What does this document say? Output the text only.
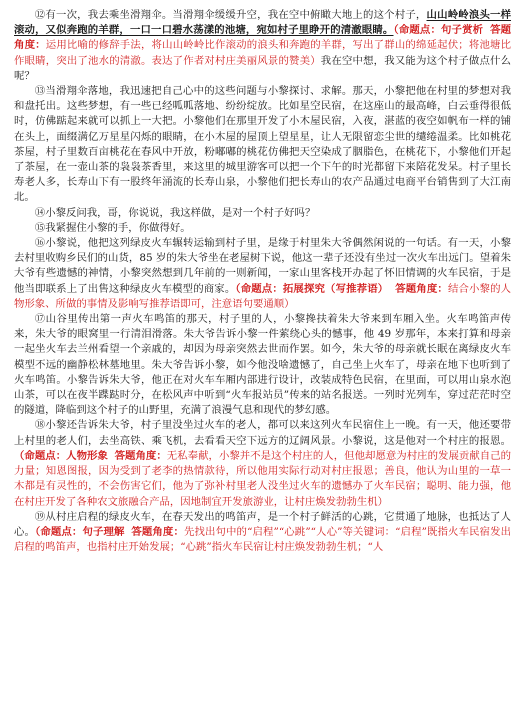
⑫有一次，我去乘坐滑翔伞。当滑翔伞缓缓升空，我在空中俯瞰大地上的这个村子，山山岭岭浪头一样滚动，又似奔跑的羊群，一口一口碧水荡漾的池塘，宛如村子里睁开的清澈眼睛。（命题点：句子赏析 答题角度：运用比喻的修辞手法，将山山岭岭比作滚动的浪头和奔跑的羊群，写出了群山的绵延起伏；将池塘比作眼睛，突出了池水的清澈。表达了作者对村庄美丽风景的赞美）我在空中想，我又能为这个村子做点什么呢？

⑬当滑翔伞落地，我迅速把自己心中的这些问题与小黎探讨、求解。那天，小黎把他在村里的梦想对我和盘托出。这些梦想，有一些已经呱呱落地、纷纷绽放。比如星空民宿，在这座山的最高峰，白云垂得很低时，仿佛踮起来就可以抓上一大把。小黎他们在那里开发了小木屋民宿，入夜，湛蓝的夜空如帆布一样的铺在头上，面缀满亿万星星闪烁的眼睛，在小木屋的屋顶上望星星，让人无限留恋尘世的缱绻温柔。比如桃花茶屋，村子里数百亩桃花在春风中开放，粉嘟嘟的桃花仿佛把天空染成了胭脂色，在桃花下，小黎他们开起了茶屋，在一壶山茶的袅袅茶香里，来这里的城里游客可以把一个下午的时光都留下来陪花发呆。村子里长寿老人多，长寿山下有一股终年涌流的长寿山泉，小黎他们把长寿山的农产品通过电商平台销售到了大江南北。

⑭小黎反问我，哥，你说说，我这样做，是对一个村子好吗？

⑮我紧握住小黎的手，你做得好。

⑯小黎说，他把这列绿皮火车辗转运输到村子里，是缘于村里朱大爷偶然闲说的一句话。有一天，小黎去村里收购乡民们的山货，85 岁的朱大爷坐在老屋树下说，他这一辈子还没有坐过一次火车出远门。望着朱大爷有些遗憾的神情，小黎突然想到几年前的一则新闻，一家山里客栈开办起了怀旧情调的火车民宿，于是他当即联系上了出售这种绿皮火车模型的商家。（命题点：拓展探究（写推荐语） 答题角度：结合小黎的人物形象、所做的事情及影响写推荐语即可，注意语句要通顺）

⑰山谷里传出第一声火车鸣笛的那天，村子里的人，小黎搀扶着朱大爷来到车厢入坐。火车鸣笛声传来，朱大爷的眼窝里一行清泪滑落。朱大爷告诉小黎一件萦绕心头的憾事，他 49 岁那年，本来打算和母亲一起坐火车去兰州看望一个亲戚的，却因为母亲突然去世而作罢。如今，朱大爷的母亲就长眠在离绿皮火车模型不远的幽静松林墓地里。朱大爷告诉小黎，如今他没啥遗憾了，自己坐上火车了，母亲在地下也听到了火车鸣笛。小黎告诉朱大爷，他正在对火车车厢内部进行设计，改装成特色民宿，在里面，可以用山泉水泡山茶，可以在夜半蹀跶时分，在松风声中听到“火车报站员”传来的站名报送。一列时光列车，穿过茫茫时空的隧道，降临到这个村子的山野里，充满了浪漫气息和现代的梦幻感。

⑱小黎还告诉朱大爷，村子里没坐过火车的老人，都可以来这列火车民宿住上一晚。有一天，他还要带上村里的老人们，去坐高铁、乘飞机，去看看天空下远方的辽阔风景。小黎说，这是他对一个村庄的报恩。（命题点：人物形象 答题角度：无私奉献，小黎并不是这个村庄的人，但他却愿意为村庄的发展贡献自己的力量；知恩图报，因为受到了老李的热情款待，所以他用实际行动对村庄报恩；善良，他认为山里的一草一木都是有灵性的，不会伤害它们，他为了弥补村里老人没坐过火车的遗憾办了火车民宿；聪明、能力强，他在村庄开发了各种农文旅融合产品，因地制宜开发旅游业，让村庄焕发勃勃生机）

⑲从村庄启程的绿皮火车，在春天发出的鸣笛声，是一个村子鲜活的心跳，它贯通了地脉，也抵达了人心。（命题点：句子理解 答题角度：先找出句中的“启程”“心跳”“人心”等关键词：“启程”既指火车民宿发出启程的鸣笛声，也指村庄开始发展；“心跳”指火车民宿让村庄焕发勃勃生机；“人
